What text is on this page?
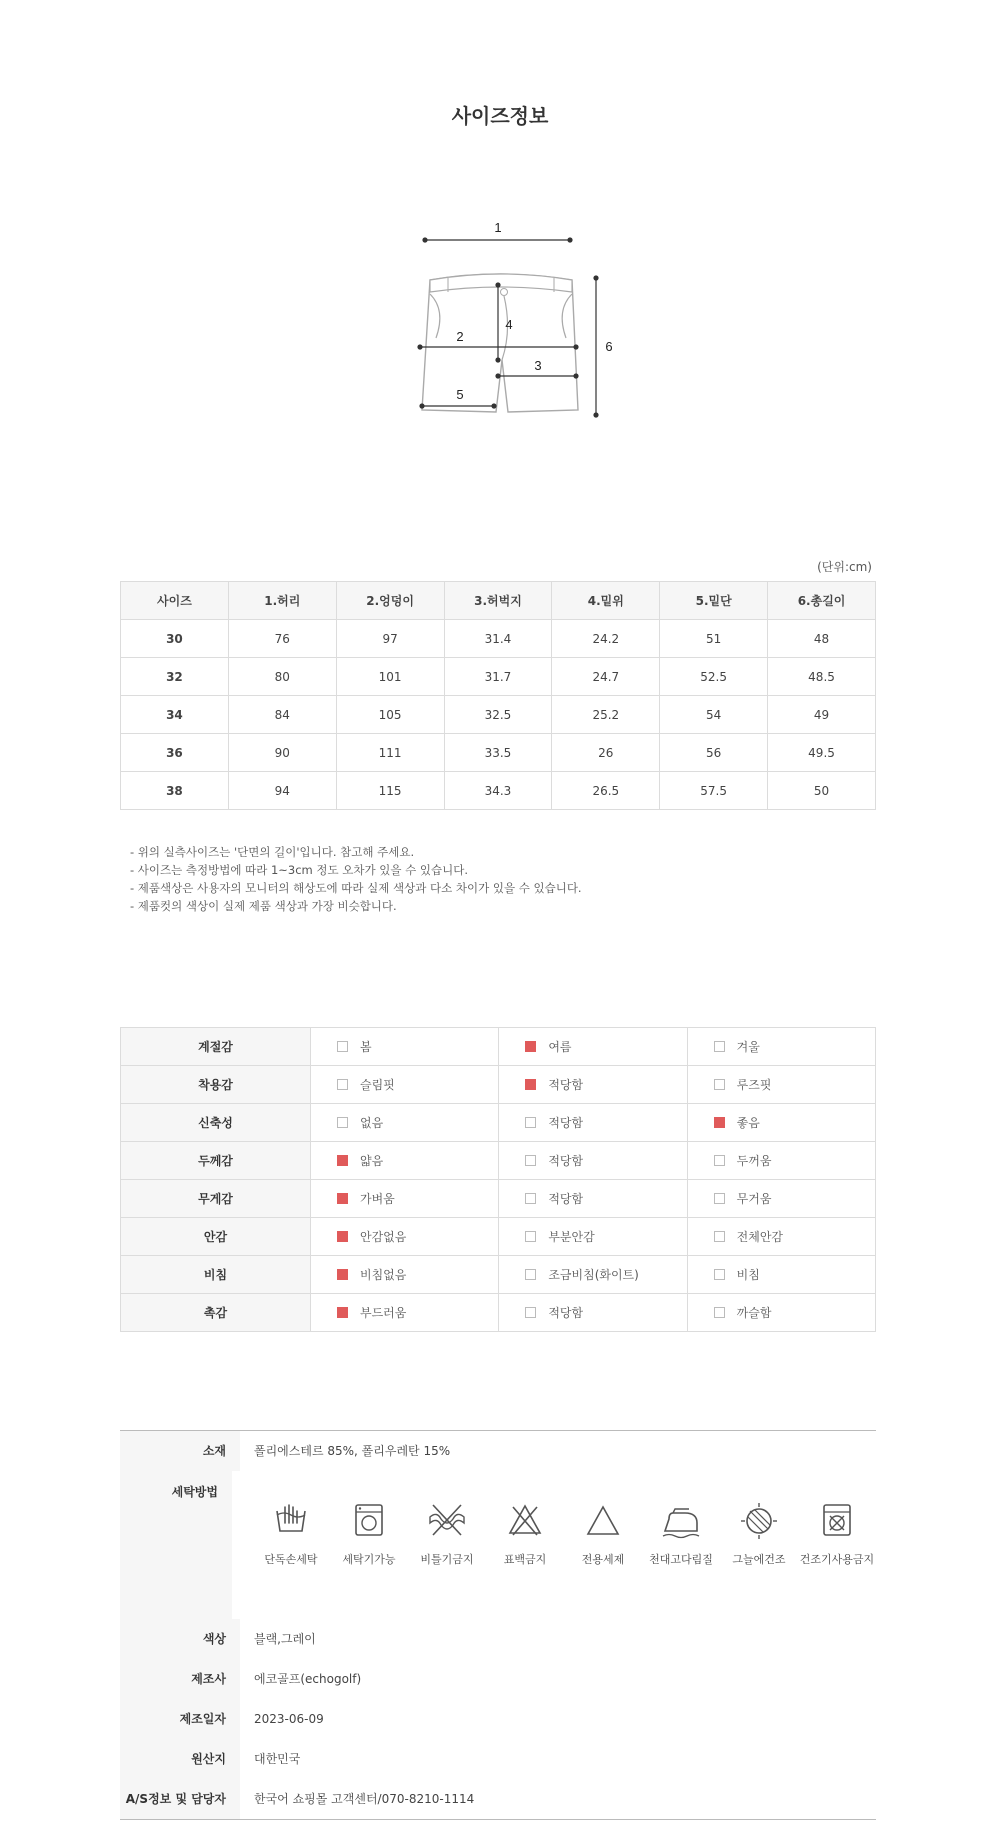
사이즈정보
1
2
3
4
5
6
(단위:cm)
사이즈	1.허리	2.엉덩이	3.허벅지	4.밑위	5.밑단	6.총길이
30	76	97	31.4	24.2	51	48
32	80	101	31.7	24.7	52.5	48.5
34	84	105	32.5	25.2	54	49
36	90	111	33.5	26	56	49.5
38	94	115	34.3	26.5	57.5	50
- 위의 실측사이즈는 '단면의 길이'입니다. 참고해 주세요.
- 사이즈는 측정방법에 따라 1~3cm 정도 오차가 있을 수 있습니다.
- 제품색상은 사용자의 모니터의 해상도에 따라 실제 색상과 다소 차이가 있을 수 있습니다.
- 제품컷의 색상이 실제 제품 색상과 가장 비슷합니다.
계절감	봄	여름	겨울
착용감	슬림핏	적당함	루즈핏
신축성	없음	적당함	좋음
두께감	얇음	적당함	두꺼움
무게감	가벼움	적당함	무거움
안감	안감없음	부분안감	전체안감
비침	비침없음	조금비침(화이트)	비침
촉감	부드러움	적당함	까슬함
소재	폴리에스테르 85%, 폴리우레탄 15%
세탁방법
단독손세탁	세탁기가능	비틀기금지	표백금지	전용세제	천대고다림질	그늘에건조	건조기사용금지
색상	블랙,그레이
제조사	에코골프(echogolf)
제조일자	2023-06-09
원산지	대한민국
A/S정보 및 담당자	한국어 쇼핑몰 고객센터/070-8210-1114
